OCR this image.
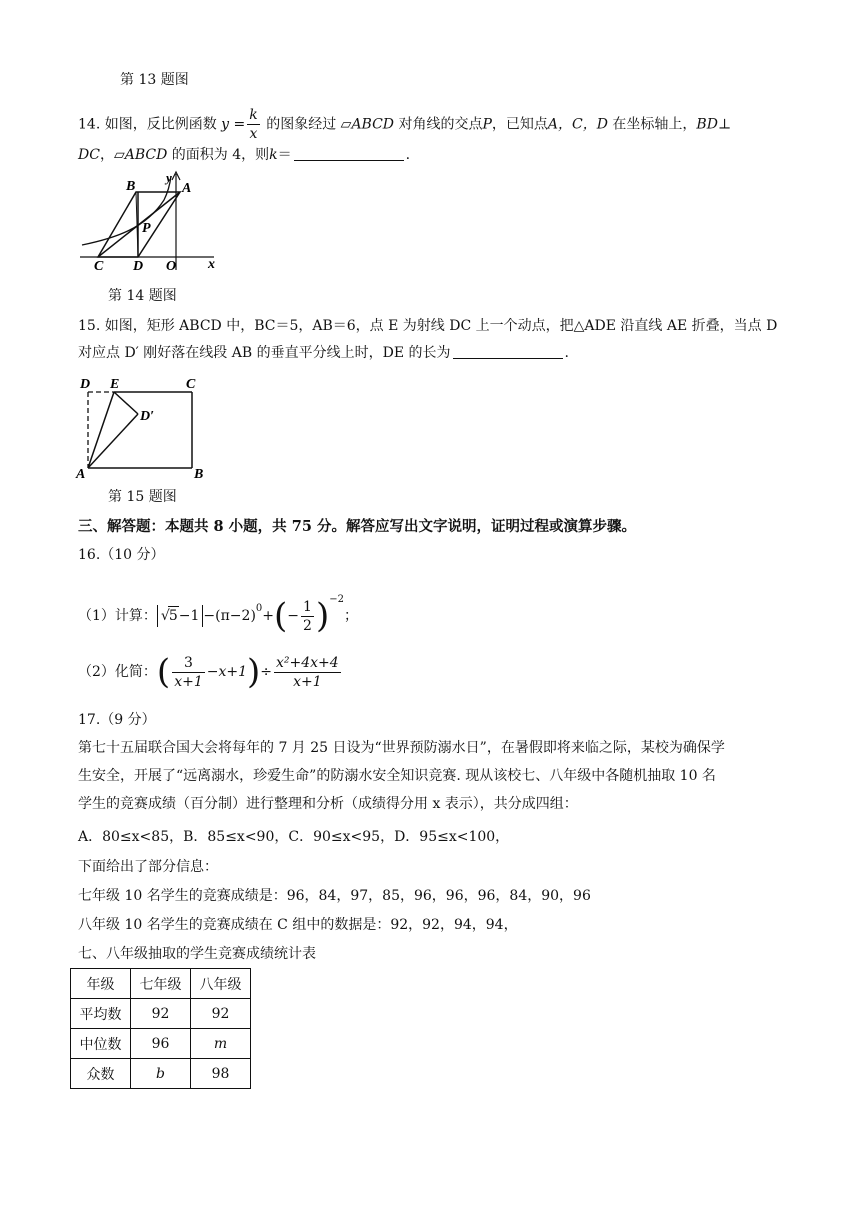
第 13 题图
14. 如图，反比例函数 $y = \frac{k}{x}$ 的图象经过 ▱ABCD 对角线的交点P，已知点A，C，D 在坐标轴上，BD⊥
DC，▱ABCD 的面积为 4，则k＝	.
B	A
y
P
C D O x
第 14 题图
15. 如图，矩形 ABCD 中，BC＝5，AB＝6，点 E 为射线 DC 上一个动点，把△ADE 沿直线 AE 折叠，当点 D
对应点 D′ 刚好落在线段 AB 的垂直平分线上时，DE 的长为	.
D E	C
D′
A	B
第 15 题图
三、解答题：本题共 8 小题，共 75 分。解答应写出文字说明，证明过程或演算步骤。
16.（10 分）
（1）计算： $√5-1 -(\pi-2)^0+(- \frac{1}{2} )^{-2}$；
（2）化简：( $\frac{3}{x+1} -x+1)\div \frac{\text{x²+4x+4}}{x+1}$
17.（9 分）
第七十五届联合国大会将每年的 7 月 25 日设为“世界预防溺水日”，在暑假即将来临之际，某校为确保学
生安全，开展了“远离溺水，珍爱生命”的防溺水安全知识竞赛. 现从该校七、八年级中各随机抽取 10 名
学生的竞赛成绩（百分制）进行整理和分析（成绩得分用 x 表示），共分成四组：
A．80≤x<85，B．85≤x<90，C．90≤x<95，D．95≤x<100，
下面给出了部分信息：
七年级 10 名学生的竞赛成绩是：96，84，97，85，96，96，96，84，90，96
八年级 10 名学生的竞赛成绩在 C 组中的数据是：92，92，94，94，
七、八年级抽取的学生竞赛成绩统计表
年级	七年级	八年级
平均数	92	92
中位数	96	m
众数	b	98
